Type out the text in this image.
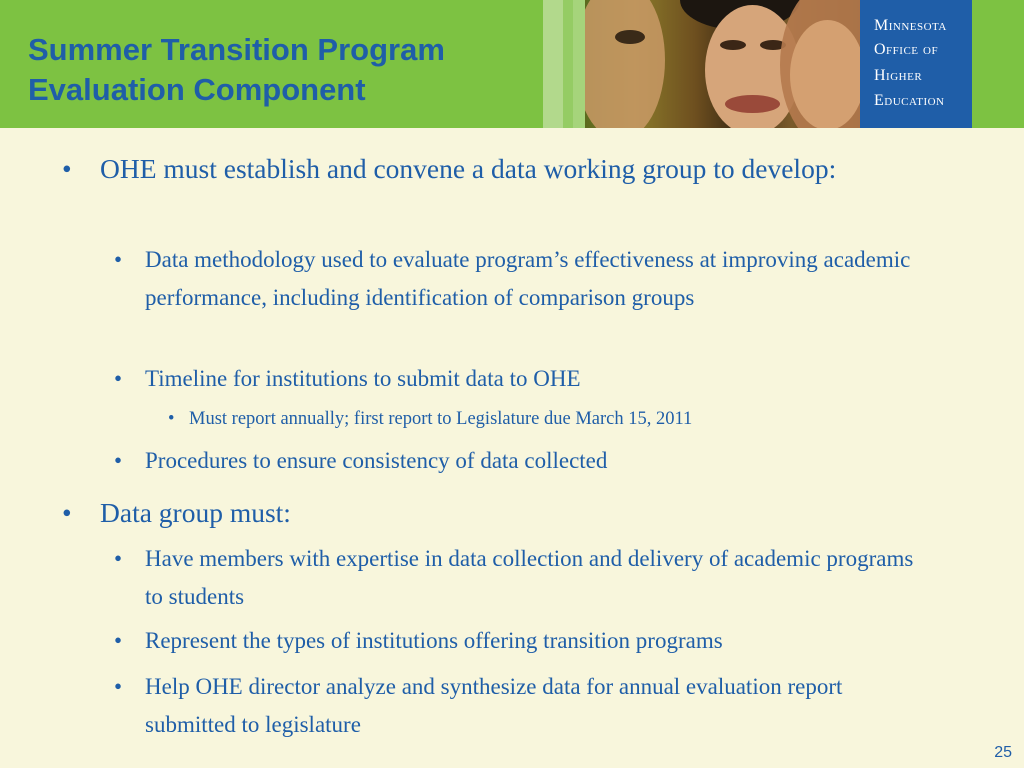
Summer Transition Program
Evaluation Component
Minnesota
Office of
Higher
Education
• OHE must establish and convene a data working group to develop:
• Data methodology used to evaluate program’s effectiveness at improving academic performance, including identification of comparison groups
• Timeline for institutions to submit data to OHE
• Must report annually; first report to Legislature due March 15, 2011
• Procedures to ensure consistency of data collected
• Data group must:
• Have members with expertise in data collection and delivery of academic programs to students
• Represent the types of institutions offering transition programs
• Help OHE director analyze and synthesize data for annual evaluation report submitted to legislature
25
